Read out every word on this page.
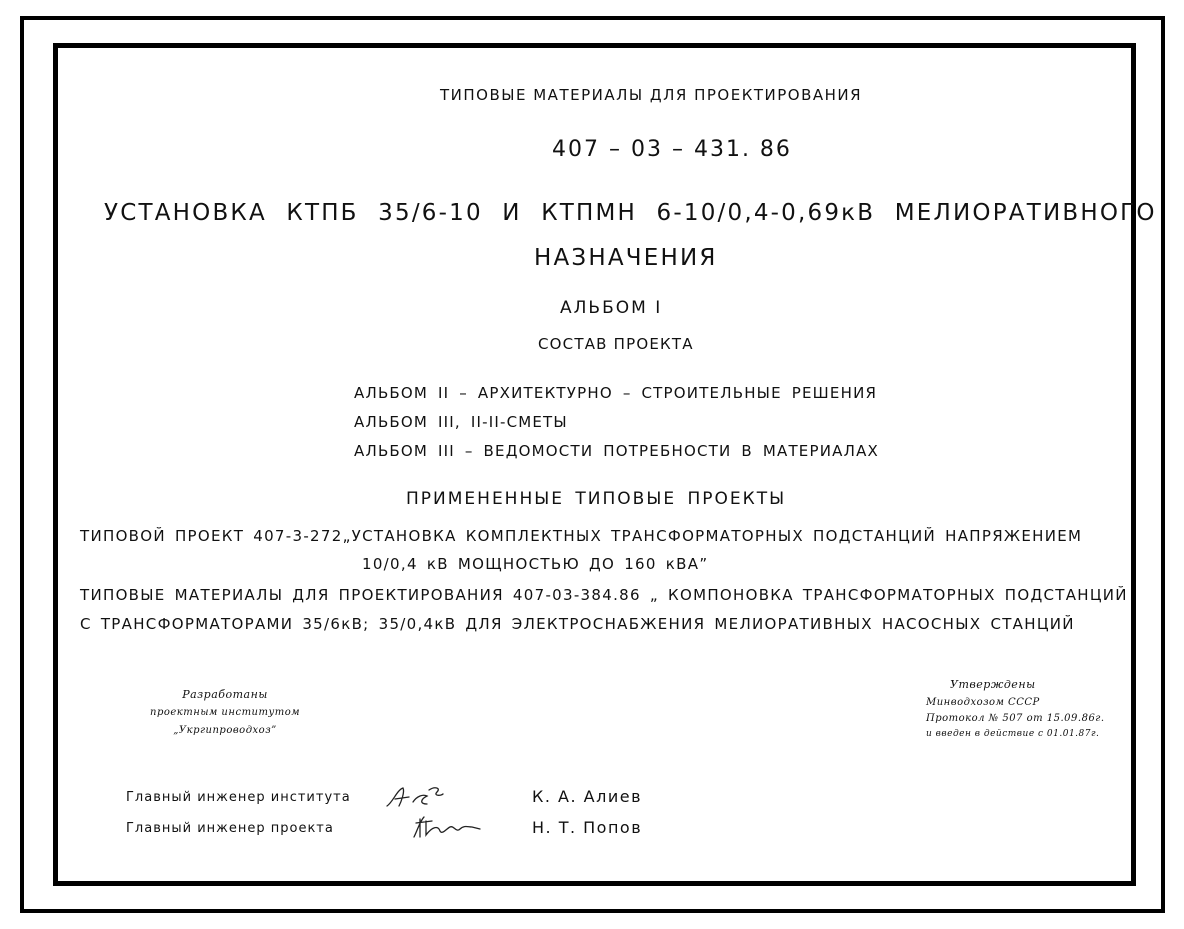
ТИПОВЫЕ МАТЕРИАЛЫ ДЛЯ ПРОЕКТИРОВАНИЯ
407 – 03 – 431. 86
УСТАНОВКА КТПБ 35/6-10 И КТПМН 6-10/0,4-0,69кВ МЕЛИОРАТИВНОГО
НАЗНАЧЕНИЯ
АЛЬБОМ I
СОСТАВ ПРОЕКТА
АЛЬБОМ II – АРХИТЕКТУРНО – СТРОИТЕЛЬНЫЕ РЕШЕНИЯ
АЛЬБОМ III, II-II-СМЕТЫ
АЛЬБОМ III – ВЕДОМОСТИ ПОТРЕБНОСТИ В МАТЕРИАЛАХ
ПРИМЕНЕННЫЕ ТИПОВЫЕ ПРОЕКТЫ
ТИПОВОЙ ПРОЕКТ 407-3-272„УСТАНОВКА КОМПЛЕКТНЫХ ТРАНСФОРМАТОРНЫХ ПОДСТАНЦИЙ НАПРЯЖЕНИЕМ
10/0,4 кВ МОЩНОСТЬЮ ДО 160 кВА”
ТИПОВЫЕ МАТЕРИАЛЫ ДЛЯ ПРОЕКТИРОВАНИЯ 407-03-384.86 „ КОМПОНОВКА ТРАНСФОРМАТОРНЫХ ПОДСТАНЦИЙ
С ТРАНСФОРМАТОРАМИ 35/6кВ; 35/0,4кВ ДЛЯ ЭЛЕКТРОСНАБЖЕНИЯ МЕЛИОРАТИВНЫХ НАСОСНЫХ СТАНЦИЙ
Разработаны
проектным институтом
„Укргипроводхоз”
Утверждены
Минводхозом СССР
Протокол № 507 от 15.09.86г.
и введен в действие с 01.01.87г.
Главный инженер института	К. А. Алиев
Главный инженер проекта	Н. Т. Попов
